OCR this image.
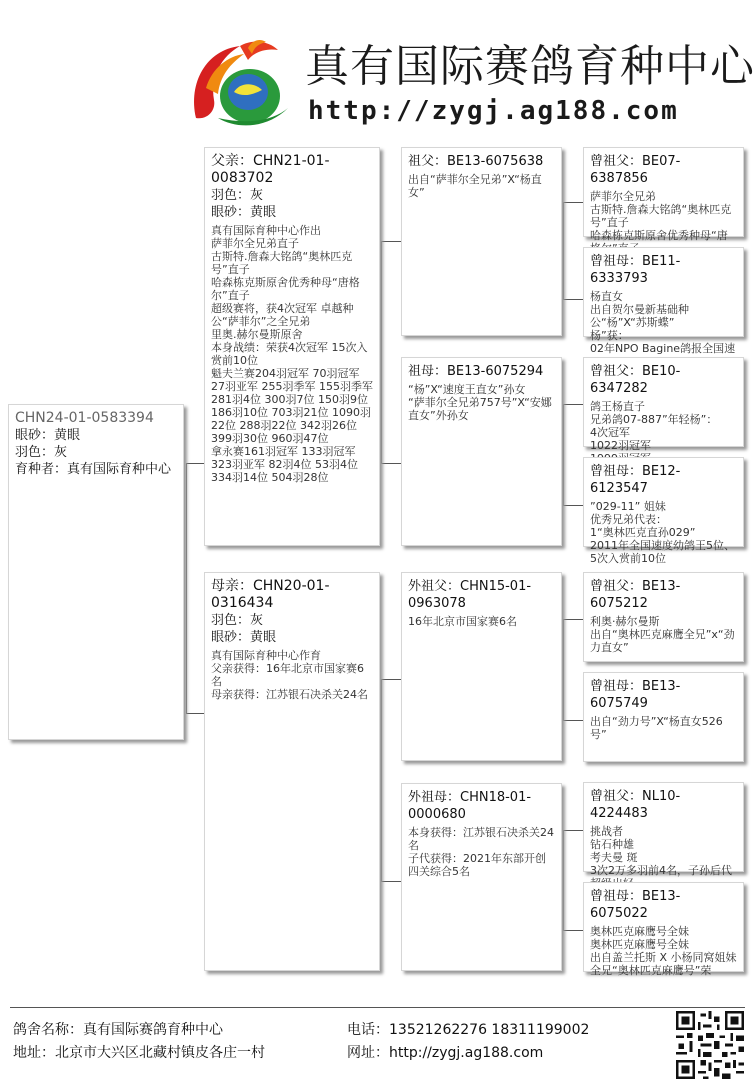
真有国际赛鸽育种中心
http://zygj.ag188.com
CHN24-01-0583394
眼砂：黄眼
羽色：灰
育种者：真有国际育种中心
父亲：CHN21-01-0083702
羽色：灰
眼砂：黄眼
真有国际育种中心作出
萨菲尔全兄弟直子
古斯特.詹森大铭鸽“奥林匹克号”直子
哈森栋克斯原舍优秀种母“唐格尔”直子
超级赛将，获4次冠军 卓越种公“萨菲尔”之全兄弟
里奥.赫尔曼斯原舍
本身战绩：荣获4次冠军 15次入赏前10位
魁夫兰赛204羽冠军 70羽冠军 27羽亚军 255羽季军 155羽季军 281羽4位 300羽7位 150羽9位 186羽10位 703羽21位 1090羽22位 288羽22位 342羽26位 399羽30位 960羽47位
拿永赛161羽冠军 133羽冠军 323羽亚军 82羽4位 53羽4位 334羽14位 504羽28位
母亲：CHN20-01-0316434
羽色：灰
眼砂：黄眼
真有国际育种中心作育
父亲获得：16年北京市国家赛6名
母亲获得：江苏银石决杀关24名
祖父：BE13-6075638
出自“萨菲尔全兄弟”X“杨直女”
祖母：BE13-6075294
“杨”X“速度王直女”孙女
“萨菲尔全兄弟757号”X“安娜直女”外孙女
外祖父：CHN15-01-0963078
16年北京市国家赛6名
外祖母：CHN18-01-0000680
本身获得：江苏银石决杀关24名
子代获得：2021年东部开创四关综合5名
曾祖父：BE07-6387856
萨菲尔全兄弟
古斯特.詹森大铭鸽“奥林匹克号”直子
哈森栋克斯原舍优秀种母“唐
曾祖母：BE11-6333793
杨直女
出自贺尔曼新基础种公“杨”X“苏斯蝶”
杨”获：
02年NPO Bagine鸽报全国速
曾祖父：BE10-6347282
鸽王杨直子
兄弟鸽07-887”年轻杨”：
4次冠军
1022羽冠军

曾祖母：BE12-6123547
”029-11” 姐妹
优秀兄弟代表：
1“奥林匹克直孙029”
2011年全国速度幼鸽王5位、5次入赏前10位
曾祖父：BE13-6075212
利奥·赫尔曼斯
出自“奥林匹克麻鹰全兄”x“劲力直女”
曾祖母：BE13-6075749
出自“劲力号”X“杨直女526号”
曾祖父：NL10-4224483
挑战者
钻石种雄
考夫曼 斑
3次2万多羽前4名，子孙后代
曾祖母：BE13-6075022
奥林匹克麻鹰号全妹
奥林匹克麻鹰号全妹
出自盖兰托斯 X 小杨同窝姐妹
全兄“奥林匹克麻鹰号”荣
鸽舍名称：真有国际赛鸽育种中心
地址：北京市大兴区北藏村镇皮各庄一村
电话：13521262276 18311199002
网址：http://zygj.ag188.com
